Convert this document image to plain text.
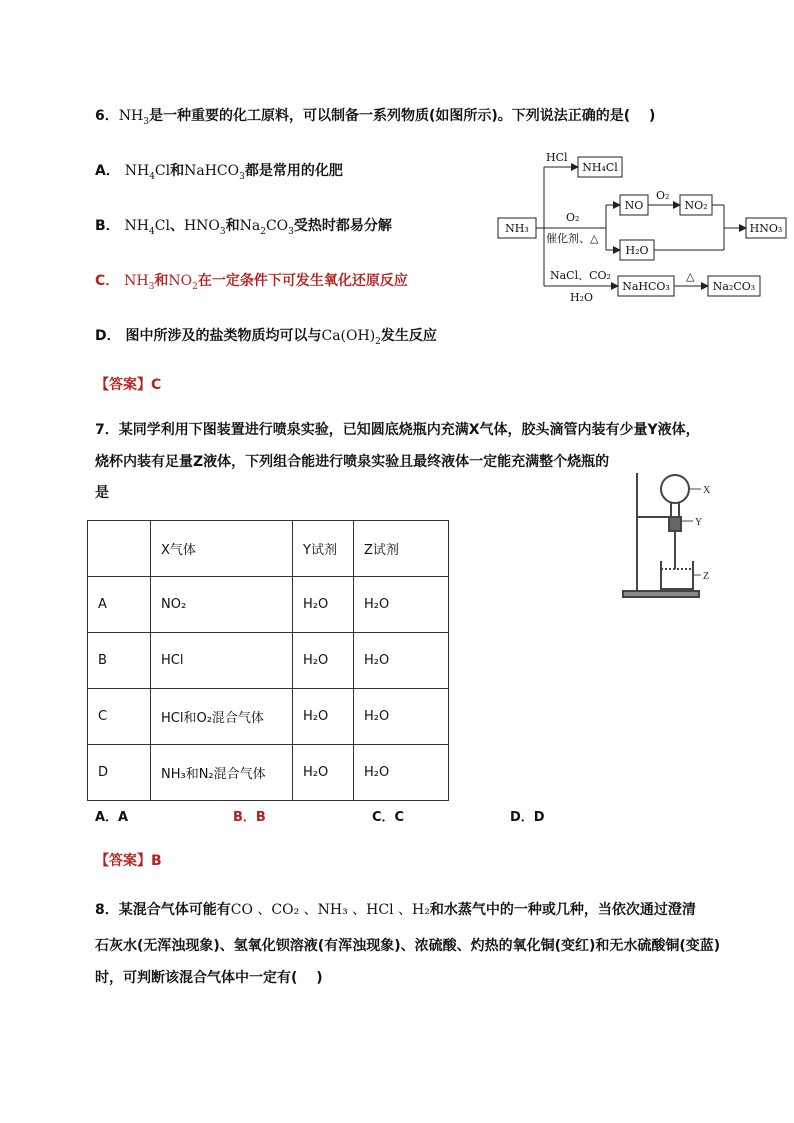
6．$NH_3$是一种重要的化工原料，可以制备一系列物质(如图所示)。下列说法正确的是(　 )
A． $NH_4Cl$和NaHCO$_3$都是常用的化肥
B． $NH_4Cl$、$HNO_3$和$Na_2CO_3$受热时都易分解
C． $NH_3$和$NO_2$在一定条件下可发生氧化还原反应
D． 图中所涉及的盐类物质均可以与$Ca(OH)_2$发生反应
【答案】C
NH₃
HCl
NH₄Cl
O₂
催化剂、△
NO
O₂
NO₂
H₂O
HNO₃
NaCl、CO₂
H₂O
NaHCO₃
△
Na₂CO₃
7．某同学利用下图装置进行喷泉实验，已知圆底烧瓶内充满X气体，胶头滴管内装有少量Y液体，
烧杯内装有足量Z液体，下列组合能进行喷泉实验且最终液体一定能充满整个烧瓶的
是	X
Y
Z
	X气体	Y试剂	Z试剂
A	NO₂	H₂O	H₂O
B	HCl	H₂O	H₂O
C	HCl和O₂混合气体	H₂O	H₂O
D	NH₃和N₂混合气体	H₂O	H₂O
A．A	B．B	C．C	D．D
【答案】B
8．某混合气体可能有CO 、CO₂ 、NH₃ 、HCl 、H₂和水蒸气中的一种或几种，当依次通过澄清
石灰水(无浑浊现象)、氢氧化钡溶液(有浑浊现象)、浓硫酸、灼热的氧化铜(变红)和无水硫酸铜(变蓝)
时，可判断该混合气体中一定有(　 )
